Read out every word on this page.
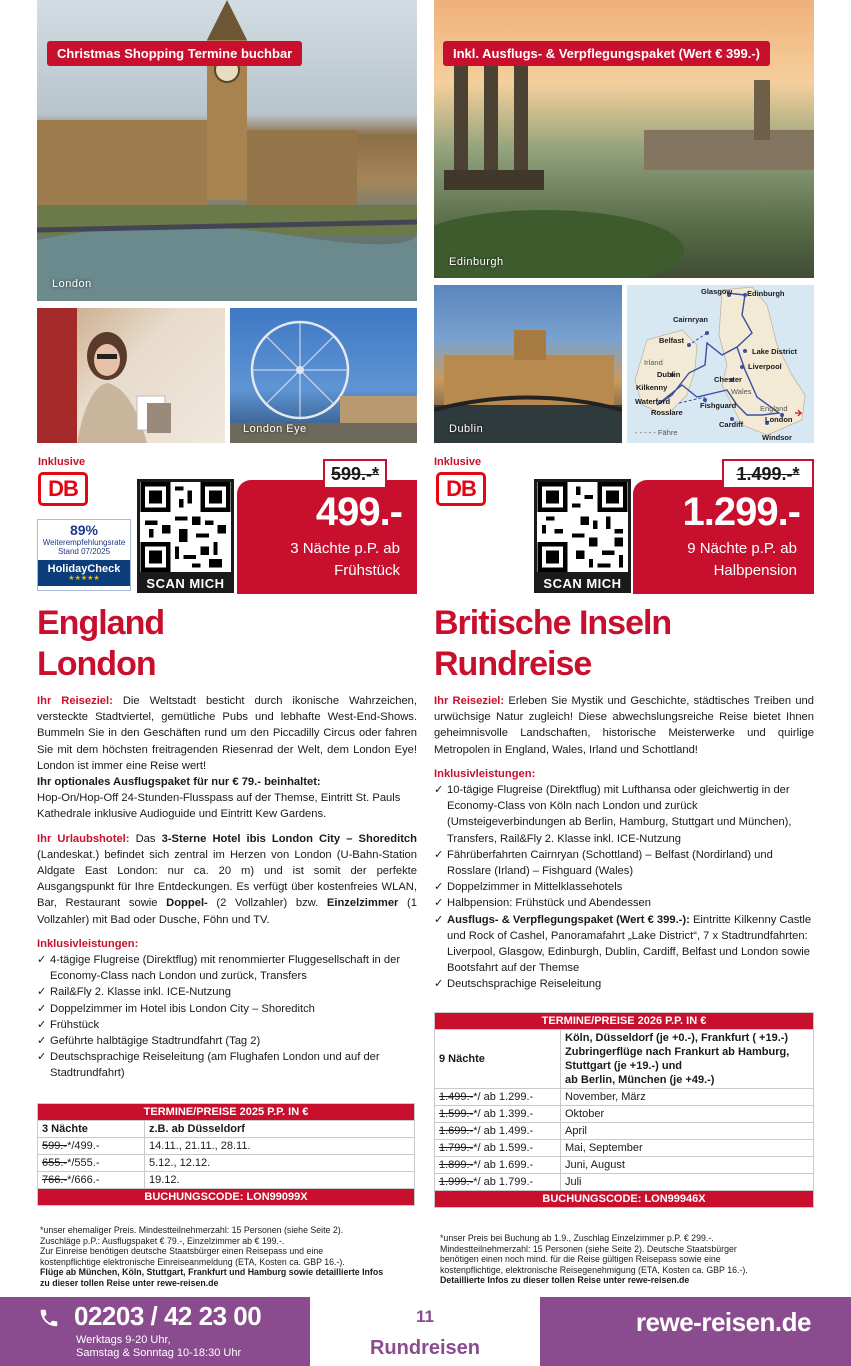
Christmas Shopping Termine buchbar
London
London Eye
Inkl. Ausflugs- & Verpflegungspaket (Wert € 399.-)
Edinburgh
Dublin
Glasgow Edinburgh
Cairnryan
Belfast
Irland
Dublin
Lake District
Liverpool
Chester
Wales
Kilkenny
Waterford
Rosslare
Fishguard	England
London
Cardiff
Windsor
- - - - - Fähre
Inklusive
DB
89%
Weiterempfehlungsrate
Stand 07/2025
HolidayCheck
★★★★★	SCAN MICH
599.-*
499.-
3 Nächte p.P. ab
Frühstück
Inklusive
DB
SCAN MICH
1.499.-*
1.299.-
9 Nächte p.P. ab
Halbpension
England
London
Britische Inseln
Rundreise

Ihr Reiseziel: Die Weltstadt besticht durch ikonische Wahrzeichen, versteckte Stadtviertel, gemütliche Pubs und lebhafte West-End-Shows. Bummeln Sie in den Geschäften rund um den Piccadilly Circus oder fahren Sie mit dem höchsten freitragenden Riesenrad der Welt, dem London Eye! London ist immer eine Reise wert!

Ihr optionales Ausflugspaket für nur € 79.- beinhaltet:

Hop-On/Hop-Off 24-Stunden-Flusspass auf der Themse, Eintritt St. Pauls Kathedrale inklusive Audioguide und Eintritt Kew Gardens.

Ihr Urlaubshotel: Das 3-Sterne Hotel ibis London City – Shoreditch (Landeskat.) befindet sich zentral im Herzen von London (U-Bahn-Station Aldgate East London: nur ca. 20 m) und ist somit der perfekte Ausgangspunkt für Ihre Entdeckungen. Es verfügt über kostenfreies WLAN, Bar, Restaurant sowie Doppel- (2 Vollzahler) bzw. Einzelzimmer (1 Vollzahler) mit Bad oder Dusche, Föhn und TV.

Inklusivleistungen:

✓ 4-tägige Flugreise (Direktflug) mit renommierter Fluggesellschaft in der Economy-Class nach London und zurück, Transfers
✓ Rail&Fly 2. Klasse inkl. ICE-Nutzung
✓ Doppelzimmer im Hotel ibis London City – Shoreditch
✓ Frühstück
✓ Geführte halbtägige Stadtrundfahrt (Tag 2)
✓ Deutschsprachige Reiseleitung (am Flughafen London und auf der Stadtrundfahrt)
TERMINE/PREISE 2025 P.P. IN €	
3 Nächte	z.B. ab Düsseldorf
599.-*/499.-	14.11., 21.11., 28.11.
655.-*/555.-	5.12., 12.12.
766.-*/666.-	19.12.
BUCHUNGSCODE: LON99099X	
*unser ehemaliger Preis. Mindestteilnehmerzahl: 15 Personen (siehe Seite 2).
Zuschläge p.P.: Ausflugspaket € 79.-, Einzelzimmer ab € 199.-.
Zur Einreise benötigen deutsche Staatsbürger einen Reisepass und eine
kostenpflichtige elektronische Einreiseanmeldung (ETA, Kosten ca. GBP 16.-).
Flüge ab München, Köln, Stuttgart, Frankfurt und Hamburg sowie detaillierte Infos
zu dieser tollen Reise unter rewe-reisen.de

Ihr Reiseziel: Erleben Sie Mystik und Geschichte, städtisches Treiben und urwüchsige Natur zugleich! Diese abwechslungsreiche Reise bietet Ihnen geheimnisvolle Landschaften, historische Meisterwerke und quirlige Metropolen in England, Wales, Irland und Schottland!

Inklusivleistungen:

✓ 10-tägige Flugreise (Direktflug) mit Lufthansa oder gleichwertig in der Economy-Class von Köln nach London und zurück (Umsteigeverbindungen ab Berlin, Hamburg, Stuttgart und München), Transfers, Rail&Fly 2. Klasse inkl. ICE-Nutzung
✓ Fährüberfahrten Cairnryan (Schottland) – Belfast (Nordirland) und Rosslare (Irland) – Fishguard (Wales)
✓ Doppelzimmer in Mittelklassehotels
✓ Halbpension: Frühstück und Abendessen
✓ Ausflugs- & Verpflegungspaket (Wert € 399.-): Eintritte Kilkenny Castle und Rock of Cashel, Panoramafahrt „Lake District“, 7 x Stadtrundfahrten: Liverpool, Glasgow, Edinburgh, Dublin, Cardiff, Belfast und London sowie Bootsfahrt auf der Themse
✓ Deutschsprachige Reiseleitung
TERMINE/PREISE 2026 P.P. IN €	
9 Nächte	Köln, Düsseldorf (je +0.-), Frankfurt ( +19.-)
Zubringerflüge nach Frankurt ab Hamburg,
Stuttgart (je +19.-) und
ab Berlin, München (je +49.-)

1.499.-*/ ab 1.299.-	November, März
1.599.-*/ ab 1.399.-	Oktober
1.699.-*/ ab 1.499.-	April
1.799.-*/ ab 1.599.-	Mai, September
1.899.-*/ ab 1.699.-	Juni, August
1.999.-*/ ab 1.799.-	Juli
BUCHUNGSCODE: LON99946X	
*unser Preis bei Buchung ab 1.9., Zuschlag Einzelzimmer p.P. € 299.-.
Mindestteilnehmerzahl: 15 Personen (siehe Seite 2). Deutsche Staatsbürger
benötigen einen noch mind. für die Reise gültigen Reisepass sowie eine
kostenpflichtige, elektronische Reisegenehmigung (ETA, Kosten ca. GBP 16.-).
Detaillierte Infos zu dieser tollen Reise unter rewe-reisen.de
02203 / 42 23 00
Werktags 9-20 Uhr,
Samstag & Sonntag 10-18:30 Uhr
11
Rundreisen
rewe-reisen.de
